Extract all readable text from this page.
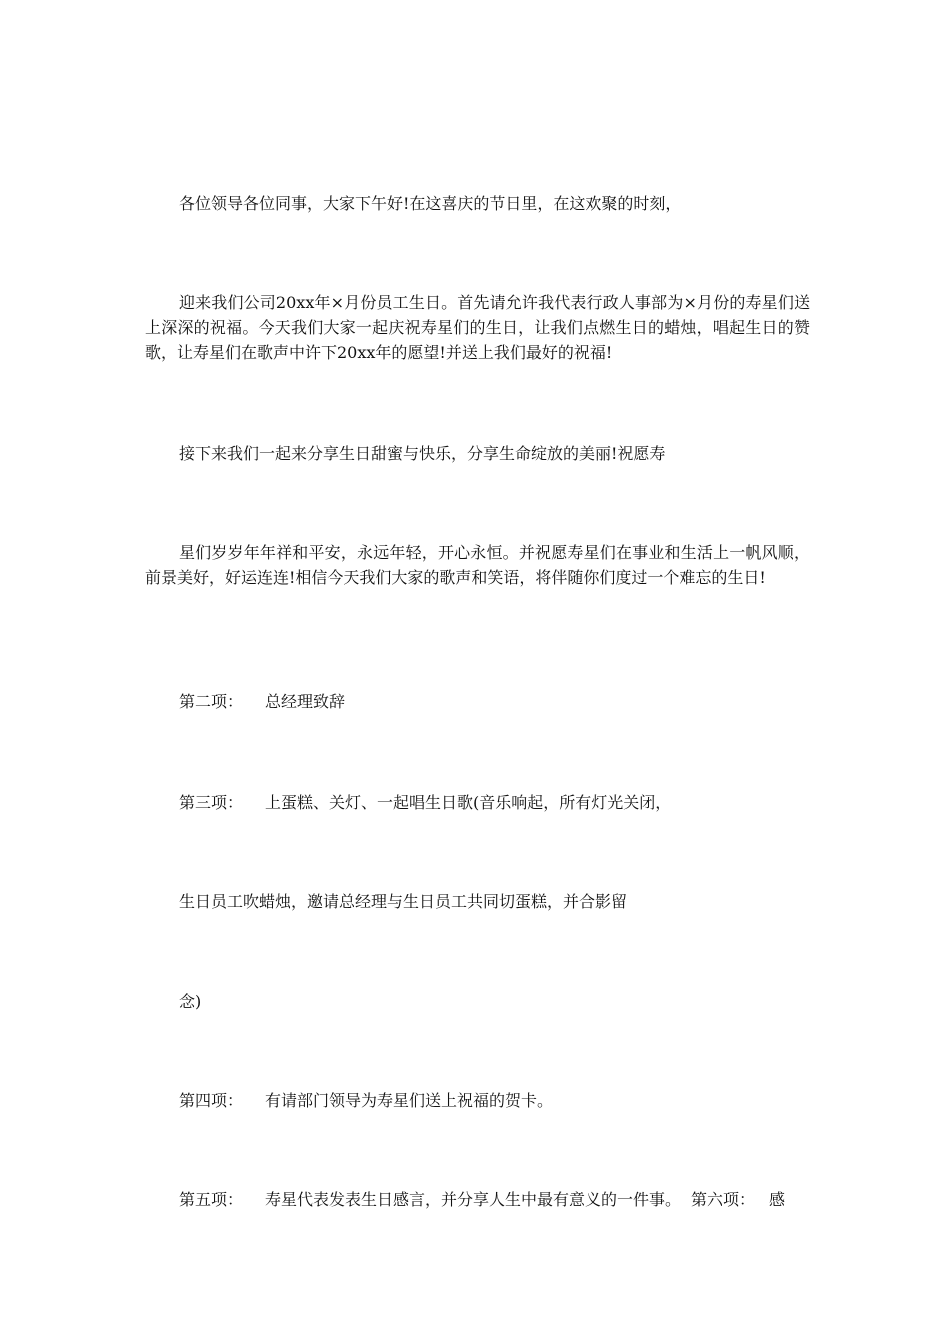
各位领导各位同事，大家下午好!在这喜庆的节日里，在这欢聚的时刻，

迎来我们公司20xx年×月份员工生日。首先请允许我代表行政人事部为×月份的寿星们送上深深的祝福。今天我们大家一起庆祝寿星们的生日，让我们点燃生日的蜡烛，唱起生日的赞歌，让寿星们在歌声中许下20xx年的愿望!并送上我们最好的祝福!

接下来我们一起来分享生日甜蜜与快乐，分享生命绽放的美丽!祝愿寿

星们岁岁年年祥和平安，永远年轻，开心永恒。并祝愿寿星们在事业和生活上一帆风顺，前景美好，好运连连!相信今天我们大家的歌声和笑语，将伴随你们度过一个难忘的生日!

第二项： 总经理致辞

第三项： 上蛋糕、关灯、一起唱生日歌(音乐响起，所有灯光关闭，

生日员工吹蜡烛，邀请总经理与生日员工共同切蛋糕，并合影留

念)

第四项： 有请部门领导为寿星们送上祝福的贺卡。

第五项： 寿星代表发表生日感言，并分享人生中最有意义的一件事。 第六项： 感
